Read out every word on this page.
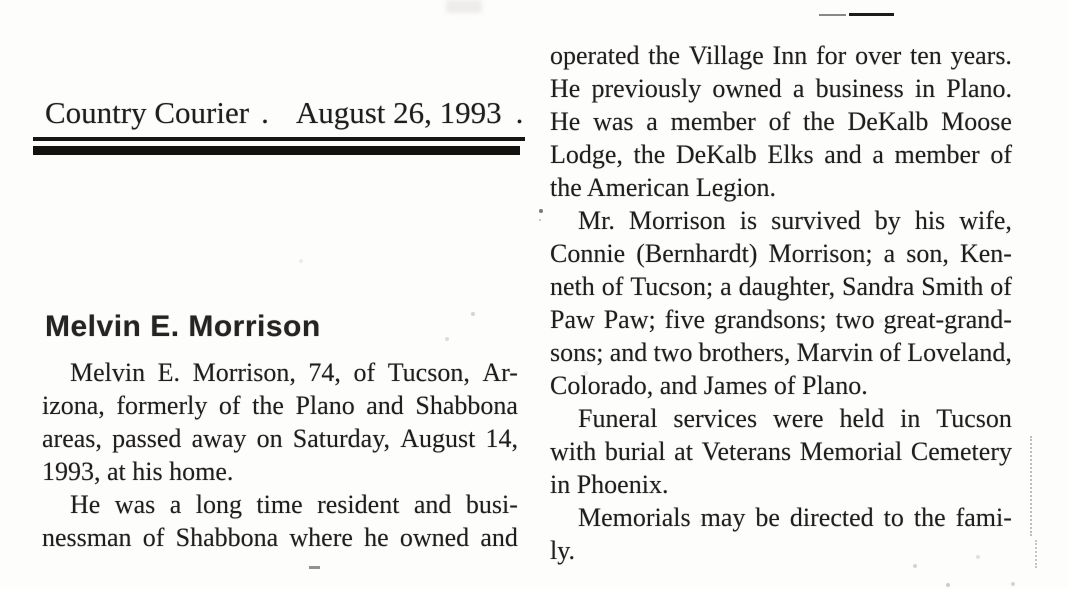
Country Courier . August 26, 1993 .
Melvin E. Morrison
Melvin E. Morrison, 74, of Tucson, Ar-
izona, formerly of the Plano and Shabbona
areas, passed away on Saturday, August 14,
1993, at his home.
He was a long time resident and busi-
nessman of Shabbona where he owned and
operated the Village Inn for over ten years.
He previously owned a business in Plano.
He was a member of the DeKalb Moose
Lodge, the DeKalb Elks and a member of
the American Legion.
Mr. Morrison is survived by his wife,
Connie (Bernhardt) Morrison; a son, Ken-
neth of Tucson; a daughter, Sandra Smith of
Paw Paw; five grandsons; two great-grand-
sons; and two brothers, Marvin of Loveland,
Colorado, and James of Plano.
Funeral services were held in Tucson
with burial at Veterans Memorial Cemetery
in Phoenix.
Memorials may be directed to the fami-
ly.
